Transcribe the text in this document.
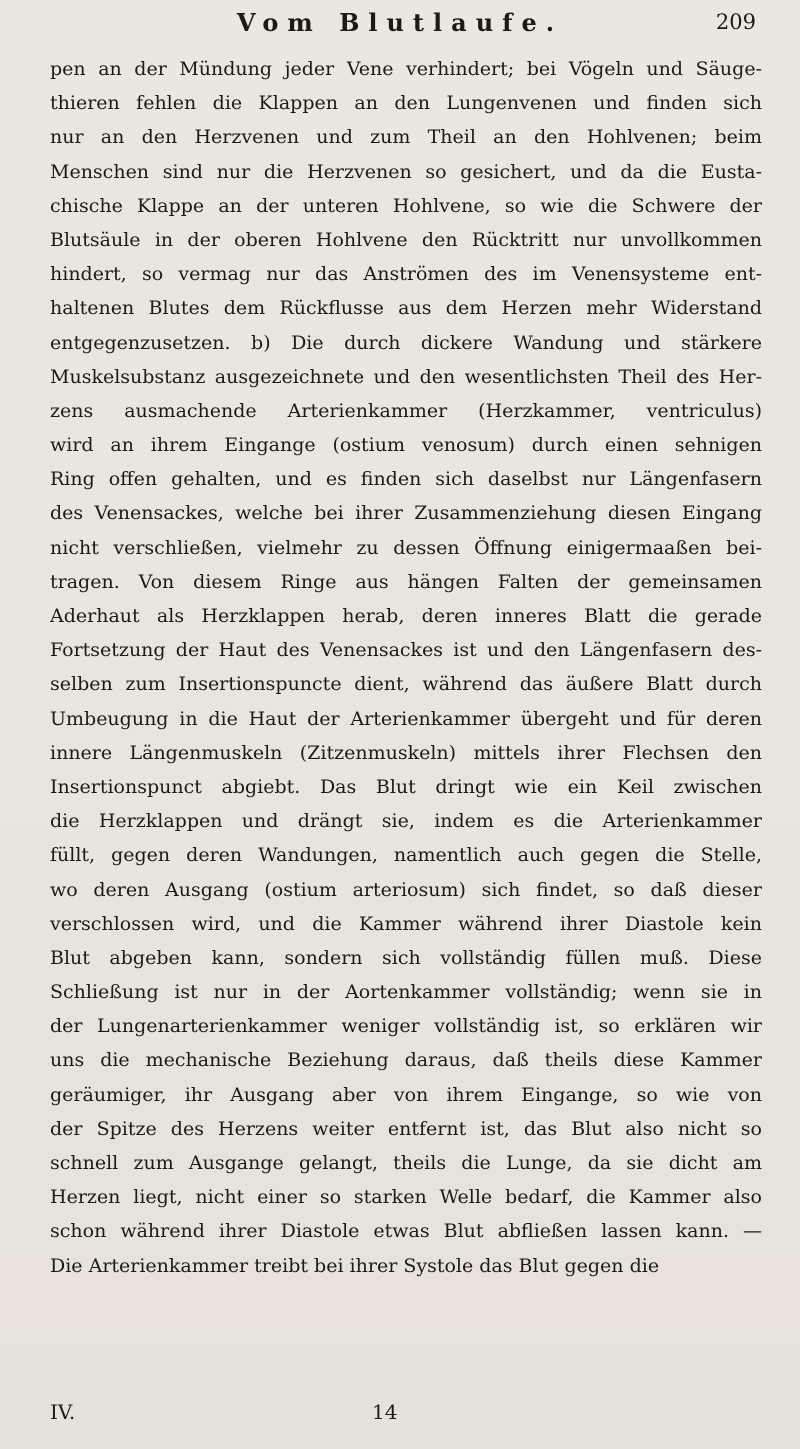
Vom Blutlaufe.	209
pen an der Mündung jeder Vene verhindert; bei Vögeln und Säuge-
thieren fehlen die Klappen an den Lungenvenen und finden sich
nur an den Herzvenen und zum Theil an den Hohlvenen; beim
Menschen sind nur die Herzvenen so gesichert, und da die Eusta-
chische Klappe an der unteren Hohlvene, so wie die Schwere der
Blutsäule in der oberen Hohlvene den Rücktritt nur unvollkommen
hindert, so vermag nur das Anströmen des im Venensysteme ent-
haltenen Blutes dem Rückflusse aus dem Herzen mehr Widerstand
entgegenzusetzen. b) Die durch dickere Wandung und stärkere
Muskelsubstanz ausgezeichnete und den wesentlichsten Theil des Her-
zens ausmachende Arterienkammer (Herzkammer, ventriculus)
wird an ihrem Eingange (ostium venosum) durch einen sehnigen
Ring offen gehalten, und es finden sich daselbst nur Längenfasern
des Venensackes, welche bei ihrer Zusammenziehung diesen Eingang
nicht verschließen, vielmehr zu dessen Öffnung einigermaaßen bei-
tragen. Von diesem Ringe aus hängen Falten der gemeinsamen
Aderhaut als Herzklappen herab, deren inneres Blatt die gerade
Fortsetzung der Haut des Venensackes ist und den Längenfasern des-
selben zum Insertionspuncte dient, während das äußere Blatt durch
Umbeugung in die Haut der Arterienkammer übergeht und für deren
innere Längenmuskeln (Zitzenmuskeln) mittels ihrer Flechsen den
Insertionspunct abgiebt. Das Blut dringt wie ein Keil zwischen
die Herzklappen und drängt sie, indem es die Arterienkammer
füllt, gegen deren Wandungen, namentlich auch gegen die Stelle,
wo deren Ausgang (ostium arteriosum) sich findet, so daß dieser
verschlossen wird, und die Kammer während ihrer Diastole kein
Blut abgeben kann, sondern sich vollständig füllen muß. Diese
Schließung ist nur in der Aortenkammer vollständig; wenn sie in
der Lungenarterienkammer weniger vollständig ist, so erklären wir
uns die mechanische Beziehung daraus, daß theils diese Kammer
geräumiger, ihr Ausgang aber von ihrem Eingange, so wie von
der Spitze des Herzens weiter entfernt ist, das Blut also nicht so
schnell zum Ausgange gelangt, theils die Lunge, da sie dicht am
Herzen liegt, nicht einer so starken Welle bedarf, die Kammer also
schon während ihrer Diastole etwas Blut abfließen lassen kann. —
Die Arterienkammer treibt bei ihrer Systole das Blut gegen die
IV.	14
